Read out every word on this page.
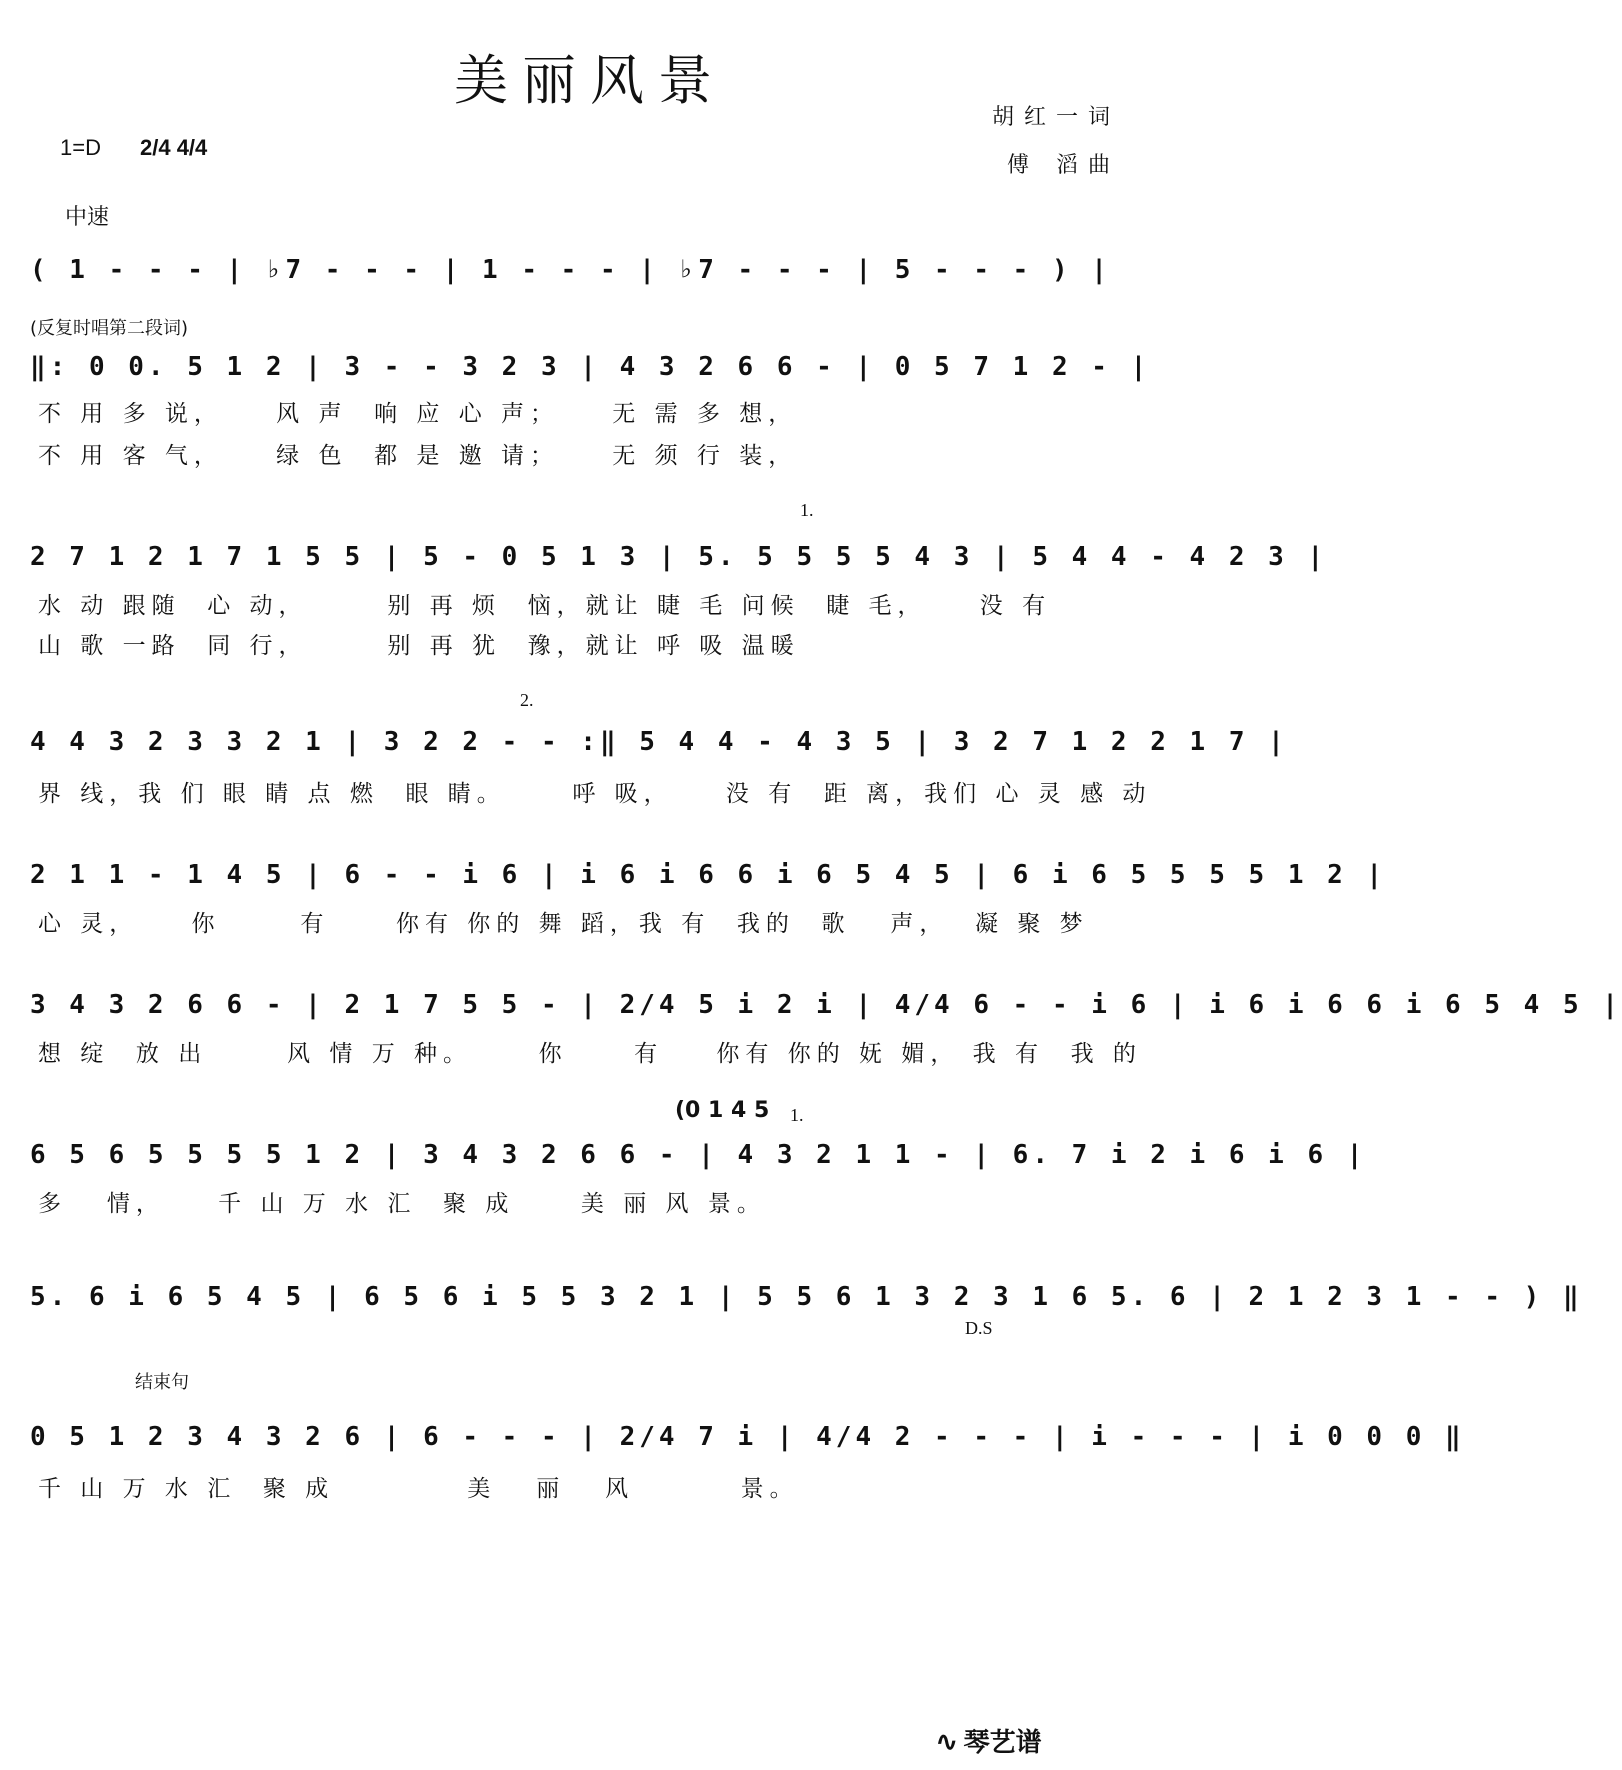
美丽风景
胡红一词
傅 滔曲
1=D 2/4 4/4
中速
(反复时唱第二段词)
( 1 - - - | ♭7 - - - | 1 - - - | ♭7 - - - | 5 - - - ) |
‖: 0 0. 5 1 2 | 3 - - 3 2 3 | 4 3 2 6 6 - | 0 5 7 1 2 - |
不 用 多 说，    风 声  响 应 心 声；    无 需 多 想，
不 用 客 气，    绿 色  都 是 邀 请；    无 须 行 装，
1.
2 7 1 2 1 7 1 5 5 | 5 - 0 5 1 3 | 5. 5 5 5 5 4 3 | 5 4 4 - 4 2 3 |
水 动 跟随  心 动，      别 再 烦  恼，就让 睫 毛 问候  睫 毛，    没 有
山 歌 一路  同 行，      别 再 犹  豫，就让 呼 吸 温暖
2.
4 4 3 2 3 3 2 1 | 3 2 2 - - :‖ 5 4 4 - 4 3 5 | 3 2 7 1 2 2 1 7 |
界 线，我 们 眼 睛 点 燃  眼 睛。     呼 吸，    没 有  距 离，我们 心 灵 感 动
2 1 1 - 1 4 5 | 6 - - i 6 | i 6 i 6 6 i 6 5 4 5 | 6 i 6 5 5 5 5 1 2 |
心 灵，    你      有     你有 你的 舞 蹈，我 有  我的  歌   声，  凝 聚 梦
3 4 3 2 6 6 - | 2 1 7 5 5 - | 2/4 5 i 2 i | 4/4 6 - - i 6 | i 6 i 6 6 i 6 5 4 5 |
想 绽  放 出      风 情 万 种。     你     有    你有 你的 妩 媚， 我 有  我 的
(0 1 4 5 1.
6 5 6 5 5 5 5 1 2 | 3 4 3 2 6 6 - | 4 3 2 1 1 - | 6. 7 i 2 i 6 i 6 |
多   情，    千 山 万 水 汇  聚 成     美 丽 风 景。
5. 6 i 6 5 4 5 | 6 5 6 i 5 5 3 2 1 | 5 5 6 1 3 2 3 1 6 5. 6 | 2 1 2 3 1 - - ) ‖
D.S
结束句
0 5 1 2 3 4 3 2 6 | 6 - - - | 2/4 7 i | 4/4 2 - - - | i - - - | i 0 0 0 ‖
千 山 万 水 汇  聚 成          美   丽   风        景。
∿ 琴艺谱
